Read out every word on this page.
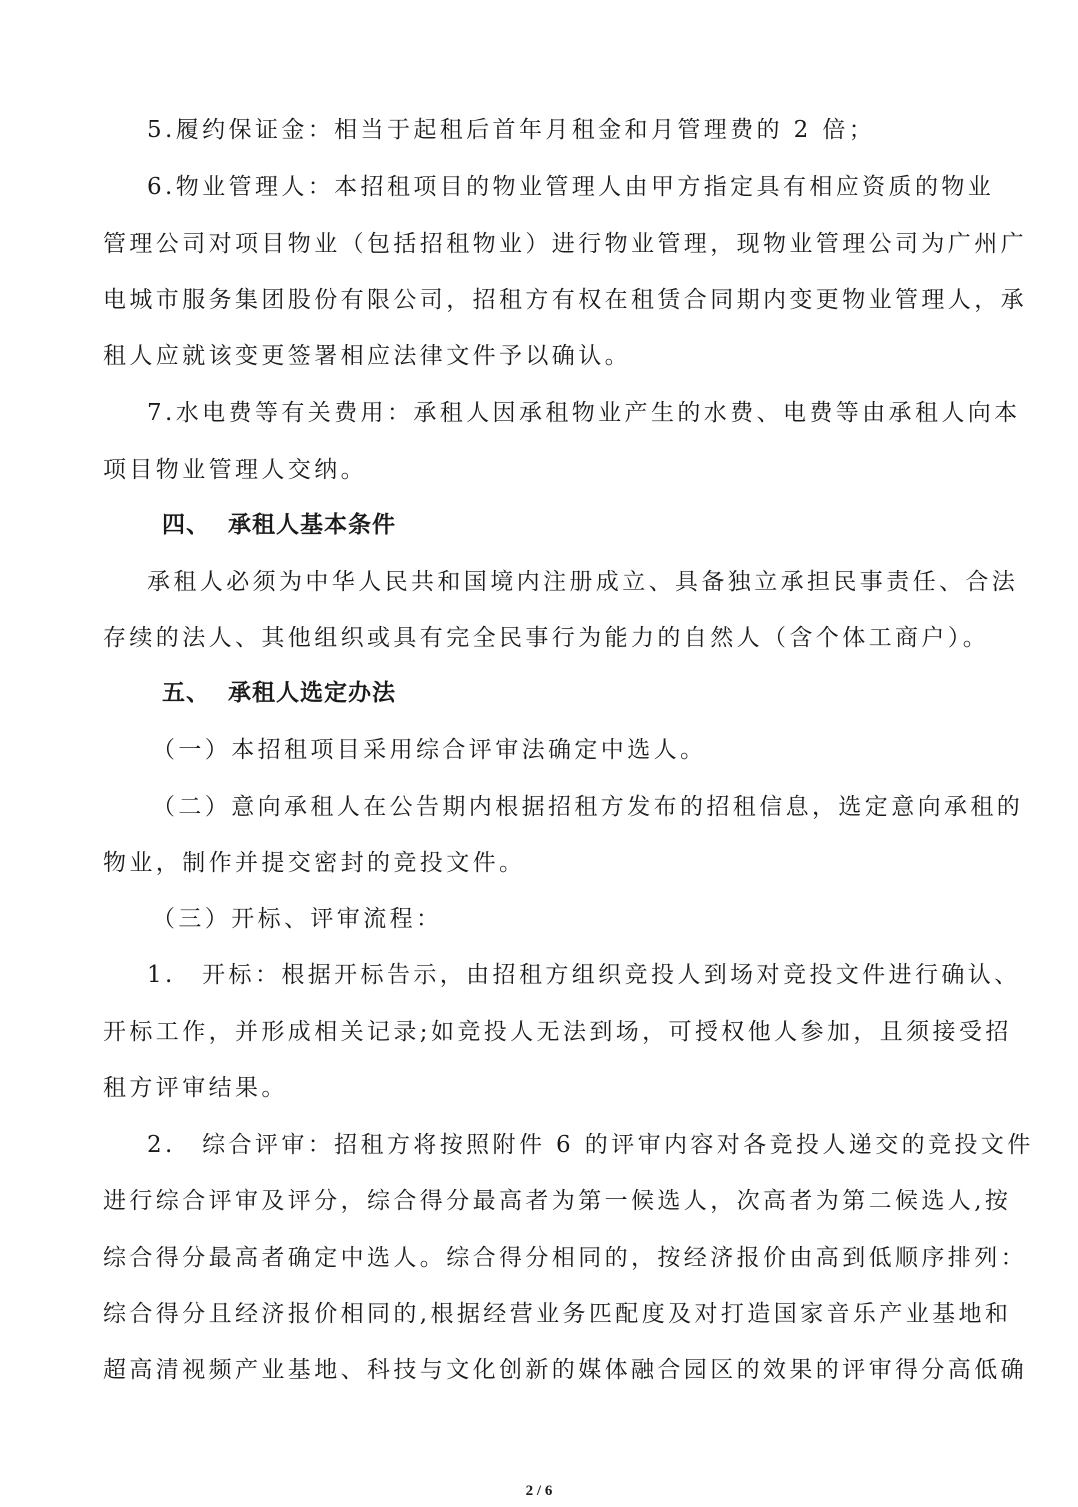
5.履约保证金：相当于起租后首年月租金和月管理费的 2 倍；
6.物业管理人：本招租项目的物业管理人由甲方指定具有相应资质的物业
管理公司对项目物业（包括招租物业）进行物业管理，现物业管理公司为广州广
电城市服务集团股份有限公司，招租方有权在租赁合同期内变更物业管理人，承
租人应就该变更签署相应法律文件予以确认。
7.水电费等有关费用：承租人因承租物业产生的水费、电费等由承租人向本
项目物业管理人交纳。
四、 承租人基本条件
承租人必须为中华人民共和国境内注册成立、具备独立承担民事责任、合法
存续的法人、其他组织或具有完全民事行为能力的自然人（含个体工商户）。
五、 承租人选定办法
（一）本招租项目采用综合评审法确定中选人。
（二）意向承租人在公告期内根据招租方发布的招租信息，选定意向承租的
物业，制作并提交密封的竞投文件。
（三）开标、评审流程：
1.　开标：根据开标告示，由招租方组织竞投人到场对竞投文件进行确认、
开标工作，并形成相关记录;如竞投人无法到场，可授权他人参加，且须接受招
租方评审结果。
2.　综合评审：招租方将按照附件 6 的评审内容对各竞投人递交的竞投文件
进行综合评审及评分，综合得分最高者为第一候选人，次高者为第二候选人,按
综合得分最高者确定中选人。综合得分相同的，按经济报价由高到低顺序排列：
综合得分且经济报价相同的,根据经营业务匹配度及对打造国家音乐产业基地和
超高清视频产业基地、科技与文化创新的媒体融合园区的效果的评审得分高低确
2 / 6
